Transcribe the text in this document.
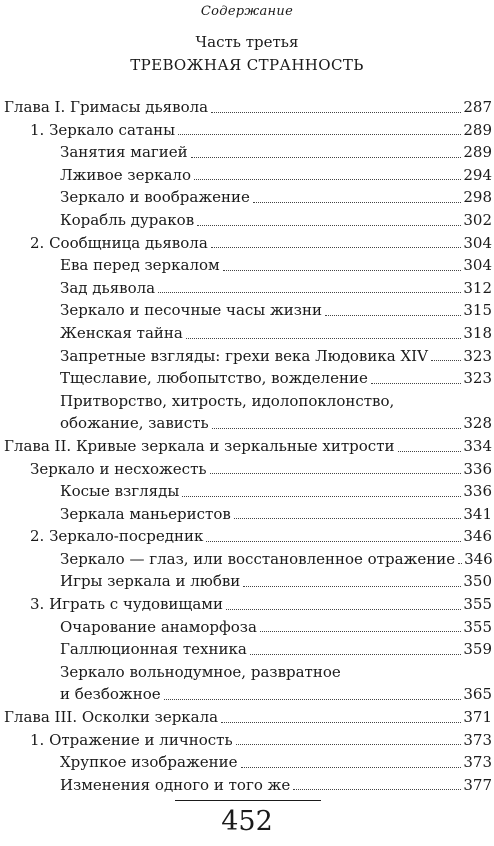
Содержание
Часть третья
ТРЕВОЖНАЯ СТРАННОСТЬ
Глава I. Гримасы дьявола	287
1. Зеркало сатаны	289
Занятия магией	289
Лживое зеркало	294
Зеркало и воображение	298
Корабль дураков	302
2. Сообщница дьявола	304
Ева перед зеркалом	304
Зад дьявола	312
Зеркало и песочные часы жизни	315
Женская тайна	318
Запретные взгляды: грехи века Людовика XIV 323
Тщеславие, любопытство, вожделение	323
Притворство, хитрость, идолопоклонство,
обожание, зависть	328
Глава II. Кривые зеркала и зеркальные хитрости	334
Зеркало и несхожесть	336
Косые взгляды	336
Зеркала маньеристов	341
2. Зеркало-посредник	346
Зеркало — глаз, или восстановленное отражение 346
Игры зеркала и любви	350
3. Играть с чудовищами	355
Очарование анаморфоза	355
Галлюционная техника	359
Зеркало вольнодумное, развратное
и безбожное	365
Глава III. Осколки зеркала	371
1. Отражение и личность	373
Хрупкое изображение	373
Изменения одного и того же	377
452
